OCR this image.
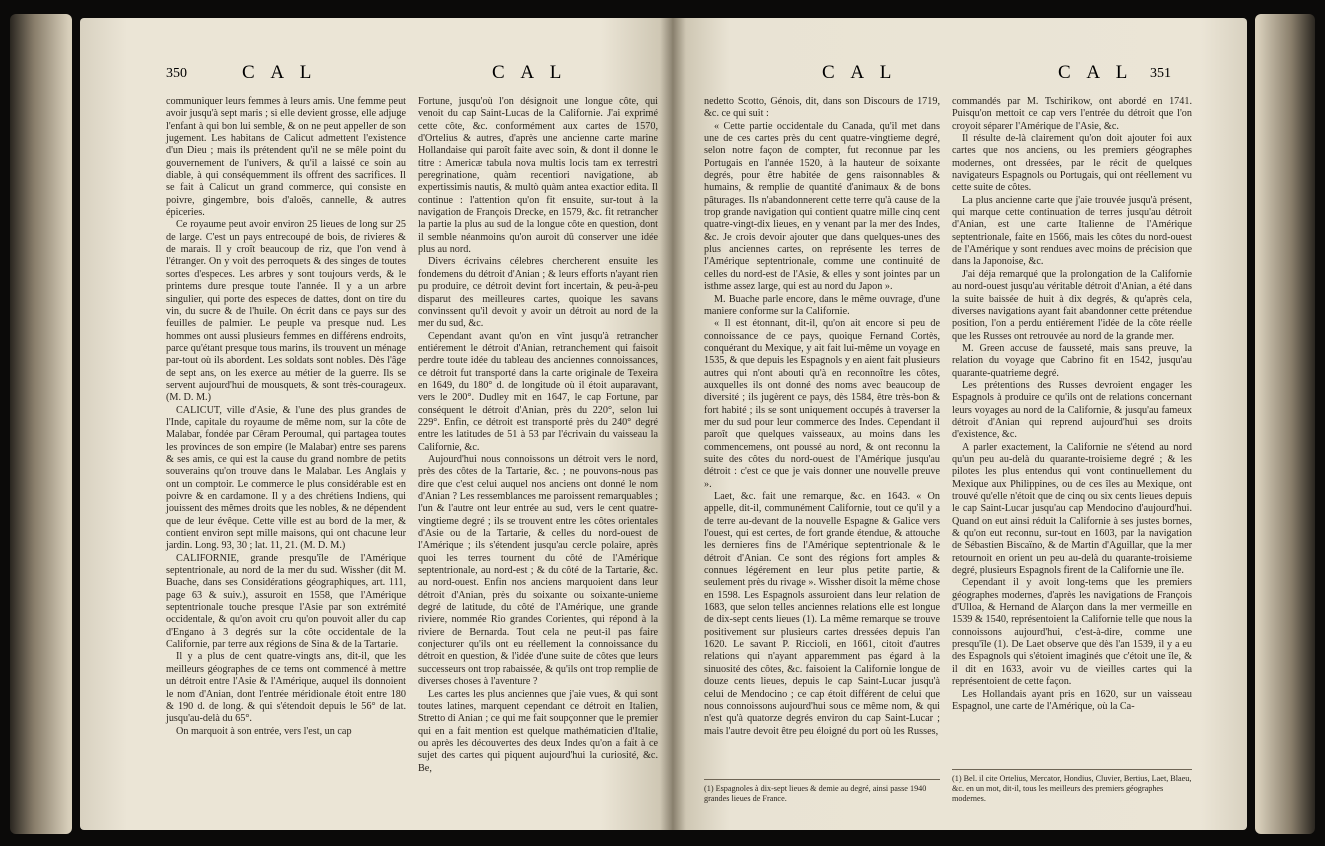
350	C A L	C A L

communiquer leurs femmes à leurs amis. Une femme peut avoir jusqu'à sept maris ; si elle devient grosse, elle adjuge l'enfant à qui bon lui semble, & on ne peut appeller de son jugement. Les habitans de Calicut admettent l'existence d'un Dieu ; mais ils prétendent qu'il ne se mêle point du gouvernement de l'univers, & qu'il a laissé ce soin au diable, à qui conséquemment ils offrent des sacrifices. Il se fait à Calicut un grand commerce, qui consiste en poivre, gingembre, bois d'aloës, cannelle, & autres épiceries.

Ce royaume peut avoir environ 25 lieues de long sur 25 de large. C'est un pays entrecoupé de bois, de rivieres & de marais. Il y croît beaucoup de riz, que l'on vend à l'étranger. On y voit des perroquets & des singes de toutes sortes d'especes. Les arbres y sont toujours verds, & le printems dure presque toute l'année. Il y a un arbre singulier, qui porte des especes de dattes, dont on tire du vin, du sucre & de l'huile. On écrit dans ce pays sur des feuilles de palmier. Le peuple va presque nud. Les hommes ont aussi plusieurs femmes en différens endroits, parce qu'étant presque tous marins, ils trouvent un ménage par-tout où ils abordent. Les soldats sont nobles. Dès l'âge de sept ans, on les exerce au métier de la guerre. Ils se servent aujourd'hui de mousquets, & sont très-courageux. (M. D. M.)

CALICUT, ville d'Asie, & l'une des plus grandes de l'Inde, capitale du royaume de même nom, sur la côte de Malabar, fondée par Cêram Peroumal, qui partagea toutes les provinces de son empire (le Malabar) entre ses parens & ses amis, ce qui est la cause du grand nombre de petits souverains qu'on trouve dans le Malabar. Les Anglais y ont un comptoir. Le commerce le plus considérable est en poivre & en cardamone. Il y a des chrétiens Indiens, qui jouissent des mêmes droits que les nobles, & ne dépendent que de leur évêque. Cette ville est au bord de la mer, & contient environ sept mille maisons, qui ont chacune leur jardin. Long. 93, 30 ; lat. 11, 21. (M. D. M.)

CALIFORNIE, grande presqu'île de l'Amérique septentrionale, au nord de la mer du sud. Wissher (dit M. Buache, dans ses Considérations géographiques, art. 111, page 63 & suiv.), assuroit en 1558, que l'Amérique septentrionale touche presque l'Asie par son extrémité occidentale, & qu'on avoit cru qu'on pouvoit aller du cap d'Engano à 3 degrés sur la côte occidentale de la Californie, par terre aux régions de Sina & de la Tartarie.

Il y a plus de cent quatre-vingts ans, dit-il, que les meilleurs géographes de ce tems ont commencé à mettre un détroit entre l'Asie & l'Amérique, auquel ils donnoient le nom d'Anian, dont l'entrée méridionale étoit entre 180 & 190 d. de long. & qui s'étendoit depuis le 56° de lat. jusqu'au-delà du 65°.

On marquoit à son entrée, vers l'est, un cap

Fortune, jusqu'où l'on désignoit une longue côte, qui venoit du cap Saint-Lucas de la Californie. J'ai exprimé cette côte, &c. conformément aux cartes de 1570, d'Ortelius & autres, d'après une ancienne carte marine Hollandaise qui paroît faite avec soin, & dont il donne le titre : Americæ tabula nova multis locis tam ex terrestri peregrinatione, quàm recentiori navigatione, ab expertissimis nautis, & multò quàm antea exactior edita. Il continue : l'attention qu'on fit ensuite, sur-tout à la navigation de François Drecke, en 1579, &c. fit retrancher la partie la plus au sud de la longue côte en question, dont il semble néanmoins qu'on auroit dû conserver une idée plus au nord.

Divers écrivains célebres chercherent ensuite les fondemens du détroit d'Anian ; & leurs efforts n'ayant rien pu produire, ce détroit devint fort incertain, & peu-à-peu disparut des meilleures cartes, quoique les savans convinssent qu'il devoit y avoir un détroit au nord de la mer du sud, &c.

Cependant avant qu'on en vînt jusqu'à retrancher entiérement le détroit d'Anian, retranchement qui faisoit perdre toute idée du tableau des anciennes connoissances, ce détroit fut transporté dans la carte originale de Texeira en 1649, du 180° d. de longitude où il étoit auparavant, vers le 200°. Dudley mit en 1647, le cap Fortune, par conséquent le détroit d'Anian, près du 220°, selon lui 229°. Enfin, ce détroit est transporté près du 240° degré entre les latitudes de 51 à 53 par l'écrivain du vaisseau la Californie, &c.

Aujourd'hui nous connoissons un détroit vers le nord, près des côtes de la Tartarie, &c. ; ne pouvons-nous pas dire que c'est celui auquel nos anciens ont donné le nom d'Anian ? Les ressemblances me paroissent remarquables ; l'un & l'autre ont leur entrée au sud, vers le cent quatre-vingtieme degré ; ils se trouvent entre les côtes orientales d'Asie ou de la Tartarie, & celles du nord-ouest de l'Amérique ; ils s'étendent jusqu'au cercle polaire, après quoi les terres tournent du côté de l'Amérique septentrionale, au nord-est ; & du côté de la Tartarie, &c. au nord-ouest. Enfin nos anciens marquoient dans leur détroit d'Anian, près du soixante ou soixante-unieme degré de latitude, du côté de l'Amérique, une grande riviere, nommée Rio grandes Corientes, qui répond à la riviere de Bernarda. Tout cela ne peut-il pas faire conjecturer qu'ils ont eu réellement la connoissance du détroit en question, & l'idée d'une suite de côtes que leurs successeurs ont trop rabaissée, & qu'ils ont trop remplie de diverses choses à l'aventure ?

Les cartes les plus anciennes que j'aie vues, & qui sont toutes latines, marquent cependant ce détroit en Italien, Stretto di Anian ; ce qui me fait soupçonner que le premier qui en a fait mention est quelque mathématicien d'Italie, ou après les découvertes des deux Indes qu'on a fait à ce sujet des cartes qui piquent aujourd'hui la curiosité, &c. Be,

C A L	C A L 351

nedetto Scotto, Génois, dit, dans son Discours de 1719, &c. ce qui suit :

« Cette partie occidentale du Canada, qu'il met dans une de ces cartes près du cent quatre-vingtieme degré, selon notre façon de compter, fut reconnue par les Portugais en l'année 1520, à la hauteur de soixante degrés, pour être habitée de gens raisonnables & humains, & remplie de quantité d'animaux & de bons pâturages. Ils n'abandonnerent cette terre qu'à cause de la trop grande navigation qui contient quatre mille cinq cent quatre-vingt-dix lieues, en y venant par la mer des Indes, &c. Je crois devoir ajouter que dans quelques-unes des plus anciennes cartes, on représente les terres de l'Amérique septentrionale, comme une continuité de celles du nord-est de l'Asie, & elles y sont jointes par un isthme assez large, qui est au nord du Japon ».

M. Buache parle encore, dans le même ouvrage, d'une maniere conforme sur la Californie.

« Il est étonnant, dit-il, qu'on ait encore si peu de connoissance de ce pays, quoique Fernand Cortès, conquérant du Mexique, y ait fait lui-même un voyage en 1535, & que depuis les Espagnols y en aient fait plusieurs autres qui n'ont abouti qu'à en reconnoître les côtes, auxquelles ils ont donné des noms avec beaucoup de diversité ; ils jugèrent ce pays, dès 1584, être très-bon & fort habité ; ils se sont uniquement occupés à traverser la mer du sud pour leur commerce des Indes. Cependant il paroît que quelques vaisseaux, au moins dans les commencemens, ont poussé au nord, & ont reconnu la suite des côtes du nord-ouest de l'Amérique jusqu'au détroit : c'est ce que je vais donner une nouvelle preuve ».

Laet, &c. fait une remarque, &c. en 1643. « On appelle, dit-il, communément Californie, tout ce qu'il y a de terre au-devant de la nouvelle Espagne & Galice vers l'ouest, qui est certes, de fort grande étendue, & attouche les dernieres fins de l'Amérique septentrionale & le détroit d'Anian. Ce sont des régions fort amples & connues légérement en leur plus petite partie, & seulement près du rivage ». Wissher disoit la même chose en 1598. Les Espagnols assuroient dans leur relation de 1683, que selon telles anciennes relations elle est longue de dix-sept cents lieues (1). La même remarque se trouve positivement sur plusieurs cartes dressées depuis l'an 1620. Le savant P. Riccioli, en 1661, citoit d'autres relations qui n'ayant apparemment pas égard à la sinuosité des côtes, &c. faisoient la Californie longue de douze cents lieues, depuis le cap Saint-Lucar jusqu'à celui de Mendocino ; ce cap étoit différent de celui que nous connoissons aujourd'hui sous ce même nom, & qui n'est qu'à quatorze degrés environ du cap Saint-Lucar ; mais l'autre devoit être peu éloigné du port où les Russes,

commandés par M. Tschirikow, ont abordé en 1741. Puisqu'on mettoit ce cap vers l'entrée du détroit que l'on croyoit séparer l'Amérique de l'Asie, &c.

Il résulte de-là clairement qu'on doit ajouter foi aux cartes que nos anciens, ou les premiers géographes modernes, ont dressées, par le récit de quelques navigateurs Espagnols ou Portugais, qui ont réellement vu cette suite de côtes.

La plus ancienne carte que j'aie trouvée jusqu'à présent, qui marque cette continuation de terres jusqu'au détroit d'Anian, est une carte Italienne de l'Amérique septentrionale, faite en 1566, mais les côtes du nord-ouest de l'Amérique y sont rendues avec moins de précision que dans la Japonoise, &c.

J'ai déja remarqué que la prolongation de la Californie au nord-ouest jusqu'au véritable détroit d'Anian, a été dans la suite baissée de huit à dix degrés, & qu'après cela, diverses navigations ayant fait abandonner cette prétendue position, l'on a perdu entiérement l'idée de la côte réelle que les Russes ont retrouvée au nord de la grande mer.

M. Green accuse de fausseté, mais sans preuve, la relation du voyage que Cabrino fit en 1542, jusqu'au quarante-quatrieme degré.

Les prétentions des Russes devroient engager les Espagnols à produire ce qu'ils ont de relations concernant leurs voyages au nord de la Californie, & jusqu'au fameux détroit d'Anian qui reprend aujourd'hui ses droits d'existence, &c.

A parler exactement, la Californie ne s'étend au nord qu'un peu au-delà du quarante-troisieme degré ; & les pilotes les plus entendus qui vont continuellement du Mexique aux Philippines, ou de ces îles au Mexique, ont trouvé qu'elle n'étoit que de cinq ou six cents lieues depuis le cap Saint-Lucar jusqu'au cap Mendocino d'aujourd'hui. Quand on eut ainsi réduit la Californie à ses justes bornes, & qu'on eut reconnu, sur-tout en 1603, par la navigation de Sébastien Biscaïno, & de Martin d'Aguillar, que la mer retournoit en orient un peu au-delà du quarante-troisieme degré, plusieurs Espagnols firent de la Californie une île.

Cependant il y avoit long-tems que les premiers géographes modernes, d'après les navigations de François d'Ulloa, & Hernand de Alarçon dans la mer vermeille en 1539 & 1540, représentoient la Californie telle que nous la connoissons aujourd'hui, c'est-à-dire, comme une presqu'île (1). De Laet observe que dès l'an 1539, il y a eu des Espagnols qui s'étoient imaginés que c'étoit une île, & il dit en 1633, avoir vu de vieilles cartes qui la représentoient de cette façon.

Les Hollandais ayant pris en 1620, sur un vaisseau Espagnol, une carte de l'Amérique, où la Ca-

(1) Espagnoles à dix-sept lieues & demie au degré, ainsi passe 1940 grandes lieues de France.
(1) Bel. il cite Ortelius, Mercator, Hondius, Cluvier, Bertius, Laet, Blaeu, &c. en un mot, dit-il, tous les meilleurs des premiers géographes modernes.
